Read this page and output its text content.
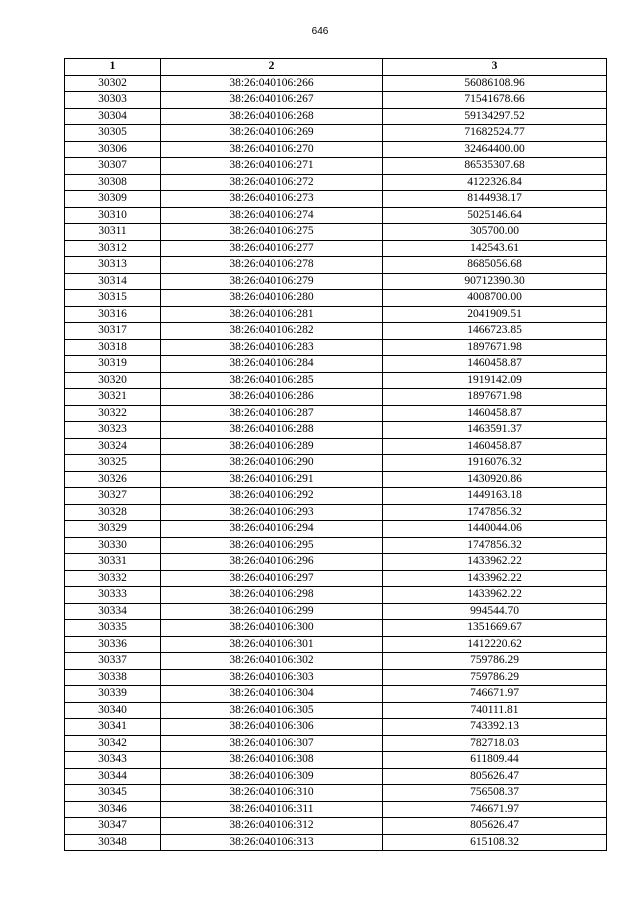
646
1	2	3
30302	38:26:040106:266	56086108.96
30303	38:26:040106:267	71541678.66
30304	38:26:040106:268	59134297.52
30305	38:26:040106:269	71682524.77
30306	38:26:040106:270	32464400.00
30307	38:26:040106:271	86535307.68
30308	38:26:040106:272	4122326.84
30309	38:26:040106:273	8144938.17
30310	38:26:040106:274	5025146.64
30311	38:26:040106:275	305700.00
30312	38:26:040106:277	142543.61
30313	38:26:040106:278	8685056.68
30314	38:26:040106:279	90712390.30
30315	38:26:040106:280	4008700.00
30316	38:26:040106:281	2041909.51
30317	38:26:040106:282	1466723.85
30318	38:26:040106:283	1897671.98
30319	38:26:040106:284	1460458.87
30320	38:26:040106:285	1919142.09
30321	38:26:040106:286	1897671.98
30322	38:26:040106:287	1460458.87
30323	38:26:040106:288	1463591.37
30324	38:26:040106:289	1460458.87
30325	38:26:040106:290	1916076.32
30326	38:26:040106:291	1430920.86
30327	38:26:040106:292	1449163.18
30328	38:26:040106:293	1747856.32
30329	38:26:040106:294	1440044.06
30330	38:26:040106:295	1747856.32
30331	38:26:040106:296	1433962.22
30332	38:26:040106:297	1433962.22
30333	38:26:040106:298	1433962.22
30334	38:26:040106:299	994544.70
30335	38:26:040106:300	1351669.67
30336	38:26:040106:301	1412220.62
30337	38:26:040106:302	759786.29
30338	38:26:040106:303	759786.29
30339	38:26:040106:304	746671.97
30340	38:26:040106:305	740111.81
30341	38:26:040106:306	743392.13
30342	38:26:040106:307	782718.03
30343	38:26:040106:308	611809.44
30344	38:26:040106:309	805626.47
30345	38:26:040106:310	756508.37
30346	38:26:040106:311	746671.97
30347	38:26:040106:312	805626.47
30348	38:26:040106:313	615108.32
